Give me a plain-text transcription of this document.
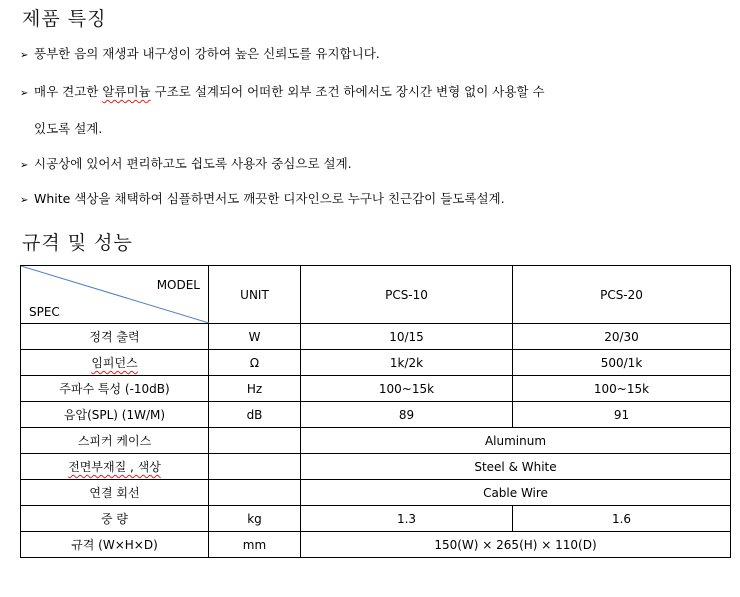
제품 특징
➢ 풍부한 음의 재생과 내구성이 강하여 높은 신뢰도를 유지합니다.
➢ 매우 견고한 알류미늄 구조로 설계되어 어떠한 외부 조건 하에서도 장시간 변형 없이 사용할 수
있도록 설계.
➢ 시공상에 있어서 편리하고도 쉽도록 사용자 중심으로 설계.
➢ White 색상을 채택하여 심플하면서도 깨끗한 디자인으로 누구나 친근감이 들도록설계.
규격 및 성능
MODEL
SPEC	UNIT	PCS-10	PCS-20
정격 출력	W	10/15	20/30
임피던스	Ω	1k/2k	500/1k
주파수 특성 (-10dB)	Hz	100~15k	100~15k
음압(SPL) (1W/M)	dB	89	91
스피커 케이스		Aluminum	
전면부재질 , 색상		Steel & White	
연결 회선		Cable Wire	
중 량	kg	1.3	1.6
규격 (W×H×D)	mm	150(W) × 265(H) × 110(D)	
